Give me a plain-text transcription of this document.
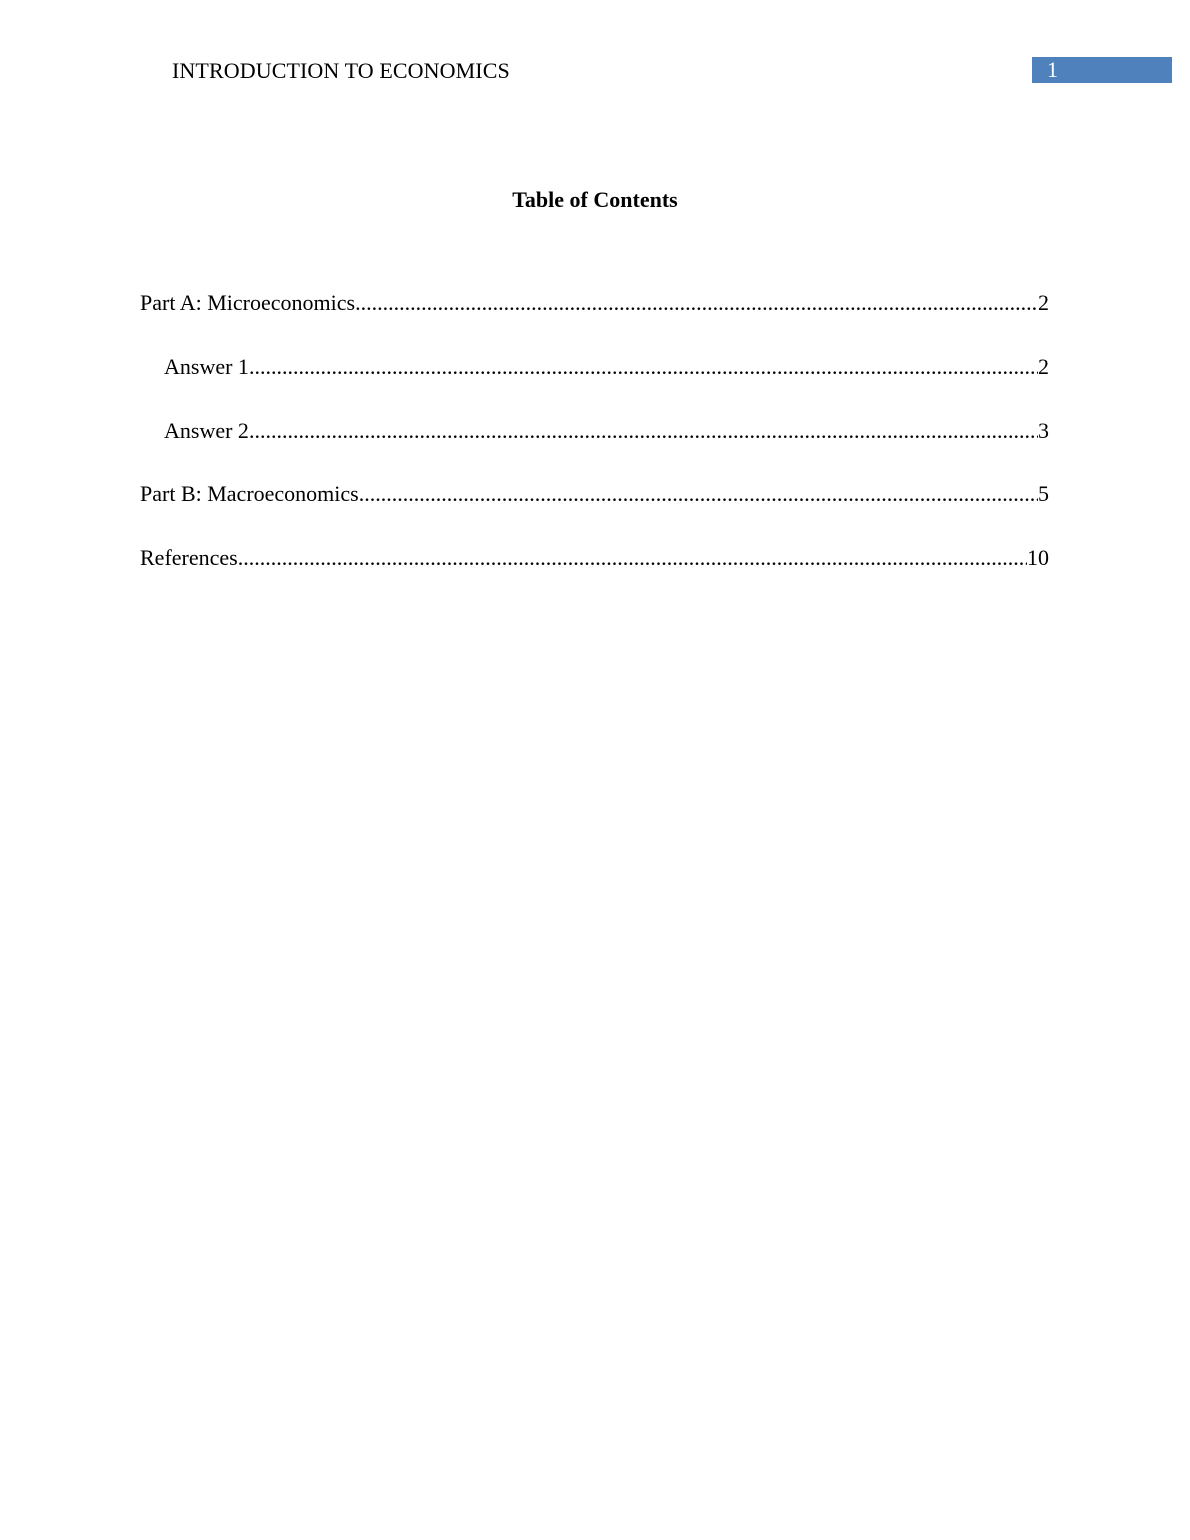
INTRODUCTION TO ECONOMICS	1
Table of Contents
Part A: Microeconomics .....	2
Answer 1 .....	2
Answer 2 .....	3
Part B: Macroeconomics .....	5
References .....	10
